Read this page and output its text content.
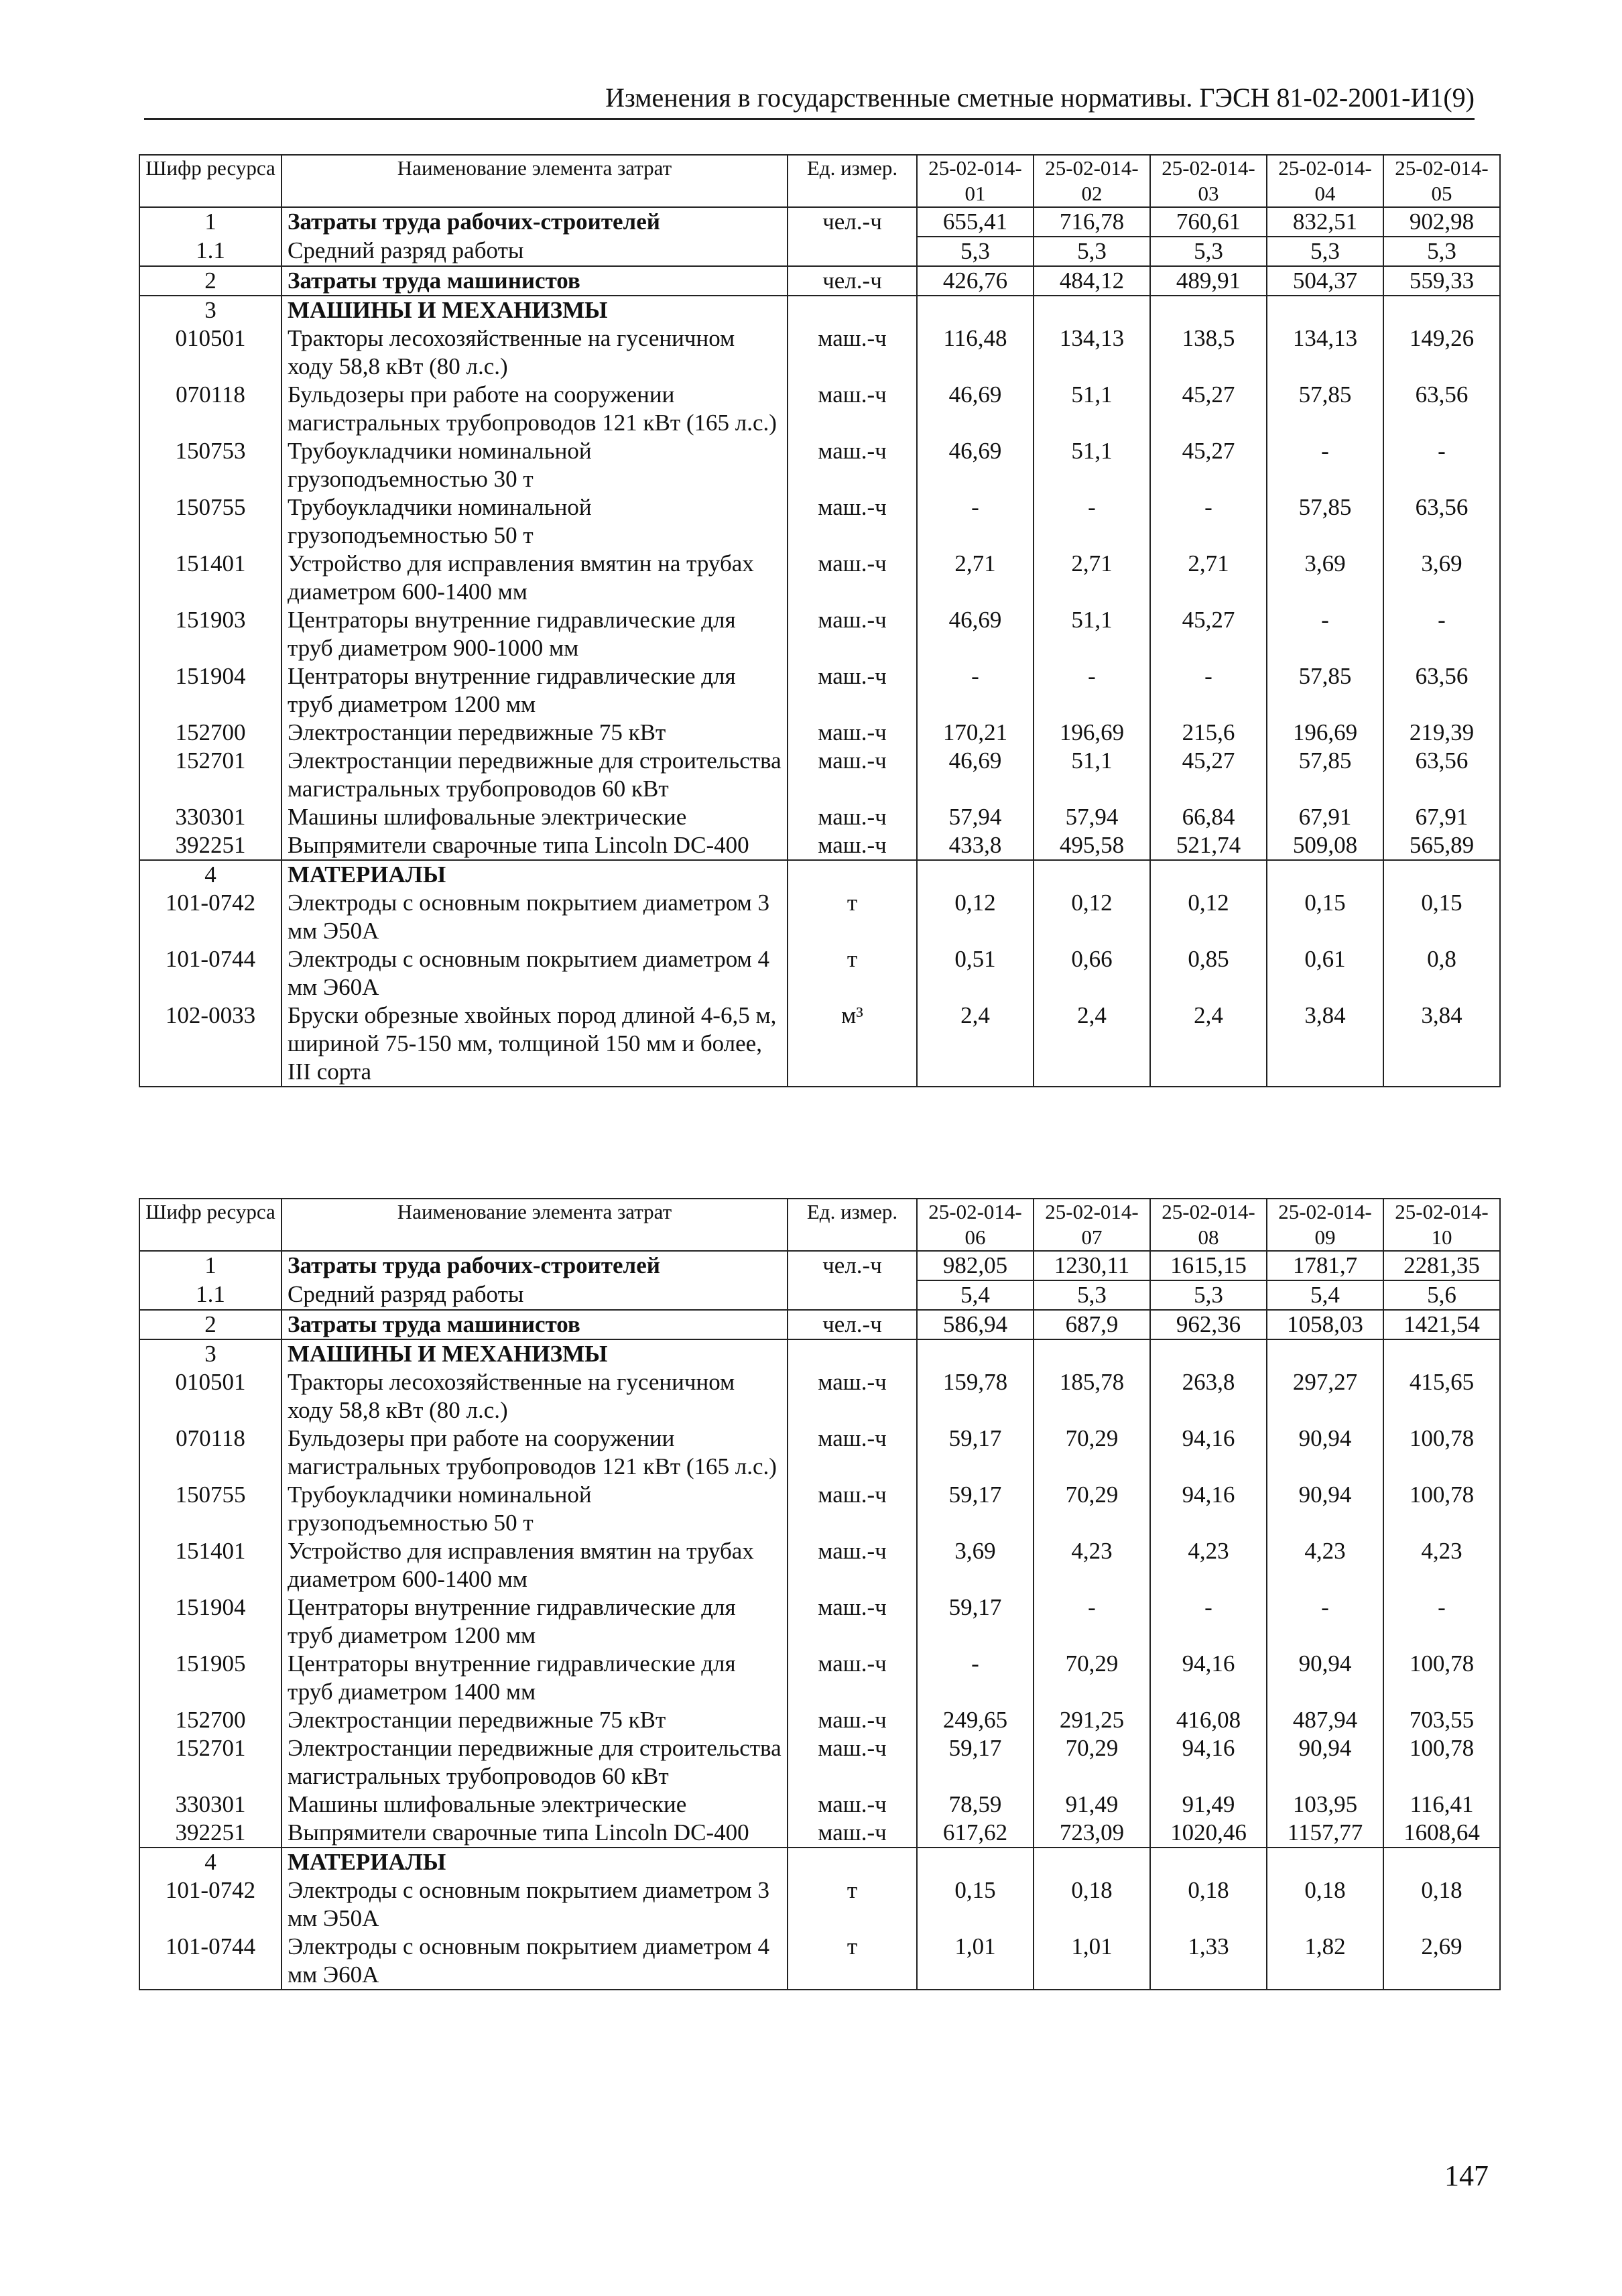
Изменения в государственные сметные нормативы. ГЭСН 81-02-2001-И1(9)
Шифр ресурса	Наименование элемента затрат	Ед. измер.	25-02-014-01	25-02-014-02	25-02-014-03	25-02-014-04	25-02-014-05
1	Затраты труда рабочих-строителей	чел.-ч	655,41	716,78	760,61	832,51	902,98
1.1	Средний разряд работы		5,3	5,3	5,3	5,3	5,3
2	Затраты труда машинистов	чел.-ч	426,76	484,12	489,91	504,37	559,33
3	МАШИНЫ И МЕХАНИЗМЫ						
010501	Тракторы лесохозяйственные на гусеничном ходу 58,8 кВт (80 л.с.)	маш.-ч	116,48	134,13	138,5	134,13	149,26
070118	Бульдозеры при работе на сооружении магистральных трубопроводов 121 кВт (165 л.с.)	маш.-ч	46,69	51,1	45,27	57,85	63,56
150753	Трубоукладчики номинальной грузоподъемностью 30 т	маш.-ч	46,69	51,1	45,27	-	-
150755	Трубоукладчики номинальной грузоподъемностью 50 т	маш.-ч	-	-	-	57,85	63,56
151401	Устройство для исправления вмятин на трубах диаметром 600-1400 мм	маш.-ч	2,71	2,71	2,71	3,69	3,69
151903	Центраторы внутренние гидравлические для труб диаметром 900-1000 мм	маш.-ч	46,69	51,1	45,27	-	-
151904	Центраторы внутренние гидравлические для труб диаметром 1200 мм	маш.-ч	-	-	-	57,85	63,56
152700	Электростанции передвижные 75 кВт	маш.-ч	170,21	196,69	215,6	196,69	219,39
152701	Электростанции передвижные для строительства магистральных трубопроводов 60 кВт	маш.-ч	46,69	51,1	45,27	57,85	63,56
330301	Машины шлифовальные электрические	маш.-ч	57,94	57,94	66,84	67,91	67,91
392251	Выпрямители сварочные типа Lincoln DC-400	маш.-ч	433,8	495,58	521,74	509,08	565,89
4	МАТЕРИАЛЫ						
101-0742	Электроды с основным покрытием диаметром 3 мм Э50А	т	0,12	0,12	0,12	0,15	0,15
101-0744	Электроды с основным покрытием диаметром 4 мм Э60А	т	0,51	0,66	0,85	0,61	0,8
102-0033	Бруски обрезные хвойных пород длиной 4-6,5 м, шириной 75-150 мм, толщиной 150 мм и более, III сорта	м³	2,4	2,4	2,4	3,84	3,84
Шифр ресурса	Наименование элемента затрат	Ед. измер.	25-02-014-06	25-02-014-07	25-02-014-08	25-02-014-09	25-02-014-10
1	Затраты труда рабочих-строителей	чел.-ч	982,05	1230,11	1615,15	1781,7	2281,35
1.1	Средний разряд работы		5,4	5,3	5,3	5,4	5,6
2	Затраты труда машинистов	чел.-ч	586,94	687,9	962,36	1058,03	1421,54
3	МАШИНЫ И МЕХАНИЗМЫ						
010501	Тракторы лесохозяйственные на гусеничном ходу 58,8 кВт (80 л.с.)	маш.-ч	159,78	185,78	263,8	297,27	415,65
070118	Бульдозеры при работе на сооружении магистральных трубопроводов 121 кВт (165 л.с.)	маш.-ч	59,17	70,29	94,16	90,94	100,78
150755	Трубоукладчики номинальной грузоподъемностью 50 т	маш.-ч	59,17	70,29	94,16	90,94	100,78
151401	Устройство для исправления вмятин на трубах диаметром 600-1400 мм	маш.-ч	3,69	4,23	4,23	4,23	4,23
151904	Центраторы внутренние гидравлические для труб диаметром 1200 мм	маш.-ч	59,17	-	-	-	-
151905	Центраторы внутренние гидравлические для труб диаметром 1400 мм	маш.-ч	-	70,29	94,16	90,94	100,78
152700	Электростанции передвижные 75 кВт	маш.-ч	249,65	291,25	416,08	487,94	703,55
152701	Электростанции передвижные для строительства магистральных трубопроводов 60 кВт	маш.-ч	59,17	70,29	94,16	90,94	100,78
330301	Машины шлифовальные электрические	маш.-ч	78,59	91,49	91,49	103,95	116,41
392251	Выпрямители сварочные типа Lincoln DC-400	маш.-ч	617,62	723,09	1020,46	1157,77	1608,64
4	МАТЕРИАЛЫ						
101-0742	Электроды с основным покрытием диаметром 3 мм Э50А	т	0,15	0,18	0,18	0,18	0,18
101-0744	Электроды с основным покрытием диаметром 4 мм Э60А	т	1,01	1,01	1,33	1,82	2,69
147
